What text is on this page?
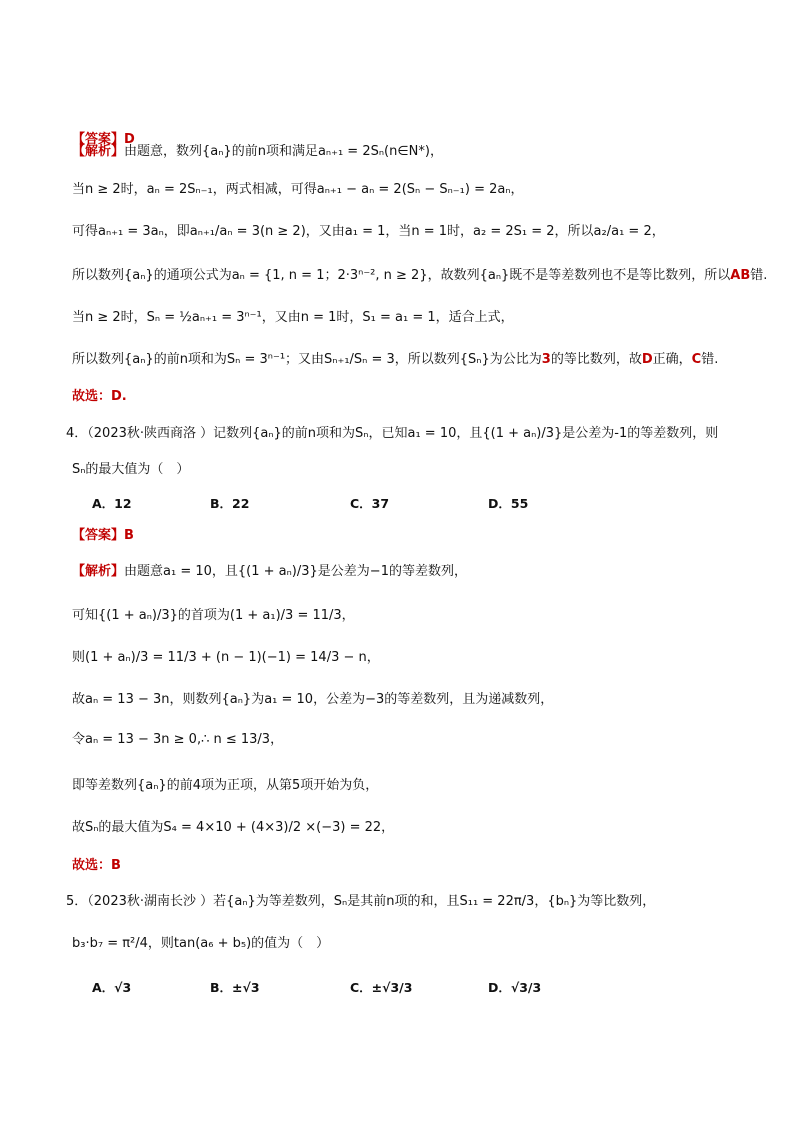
【答案】D
【解析】由题意，数列{aₙ}的前n项和满足aₙ₊₁ = 2Sₙ(n∈N*)，
当n ≥ 2时，aₙ = 2Sₙ₋₁，两式相减，可得aₙ₊₁ − aₙ = 2(Sₙ − Sₙ₋₁) = 2aₙ，
可得aₙ₊₁ = 3aₙ，即aₙ₊₁/aₙ = 3(n ≥ 2)，又由a₁ = 1，当n = 1时，a₂ = 2S₁ = 2，所以a₂/a₁ = 2，
所以数列{aₙ}的通项公式为aₙ = {1, n = 1；2·3ⁿ⁻², n ≥ 2}，故数列{aₙ}既不是等差数列也不是等比数列，所以AB错.
当n ≥ 2时，Sₙ = ½aₙ₊₁ = 3ⁿ⁻¹，又由n = 1时，S₁ = a₁ = 1，适合上式，
所以数列{aₙ}的前n项和为Sₙ = 3ⁿ⁻¹；又由Sₙ₊₁/Sₙ = 3，所以数列{Sₙ}为公比为3的等比数列，故D正确，C错.
故选：D.
4．（2023秋·陕西商洛 ）记数列{aₙ}的前n项和为Sₙ，已知a₁ = 10，且{(1 + aₙ)/3}是公差为-1的等差数列，则
Sₙ的最大值为（　）
A．12	B．22	C．37	D．55
【答案】B
【解析】由题意a₁ = 10，且{(1 + aₙ)/3}是公差为−1的等差数列，
可知{(1 + aₙ)/3}的首项为(1 + a₁)/3 = 11/3，
则(1 + aₙ)/3 = 11/3 + (n − 1)(−1) = 14/3 − n，
故aₙ = 13 − 3n，则数列{aₙ}为a₁ = 10，公差为−3的等差数列，且为递减数列，
令aₙ = 13 − 3n ≥ 0,∴ n ≤ 13/3，
即等差数列{aₙ}的前4项为正项，从第5项开始为负，
故Sₙ的最大值为S₄ = 4×10 + (4×3)/2 ×(−3) = 22，
故选：B
5．（2023秋·湖南长沙 ）若{aₙ}为等差数列，Sₙ是其前n项的和，且S₁₁ = 22π/3，{bₙ}为等比数列，
b₃·b₇ = π²/4，则tan(a₆ + b₅)的值为（　）
A．√3	B．±√3	C．±√3/3	D．√3/3
